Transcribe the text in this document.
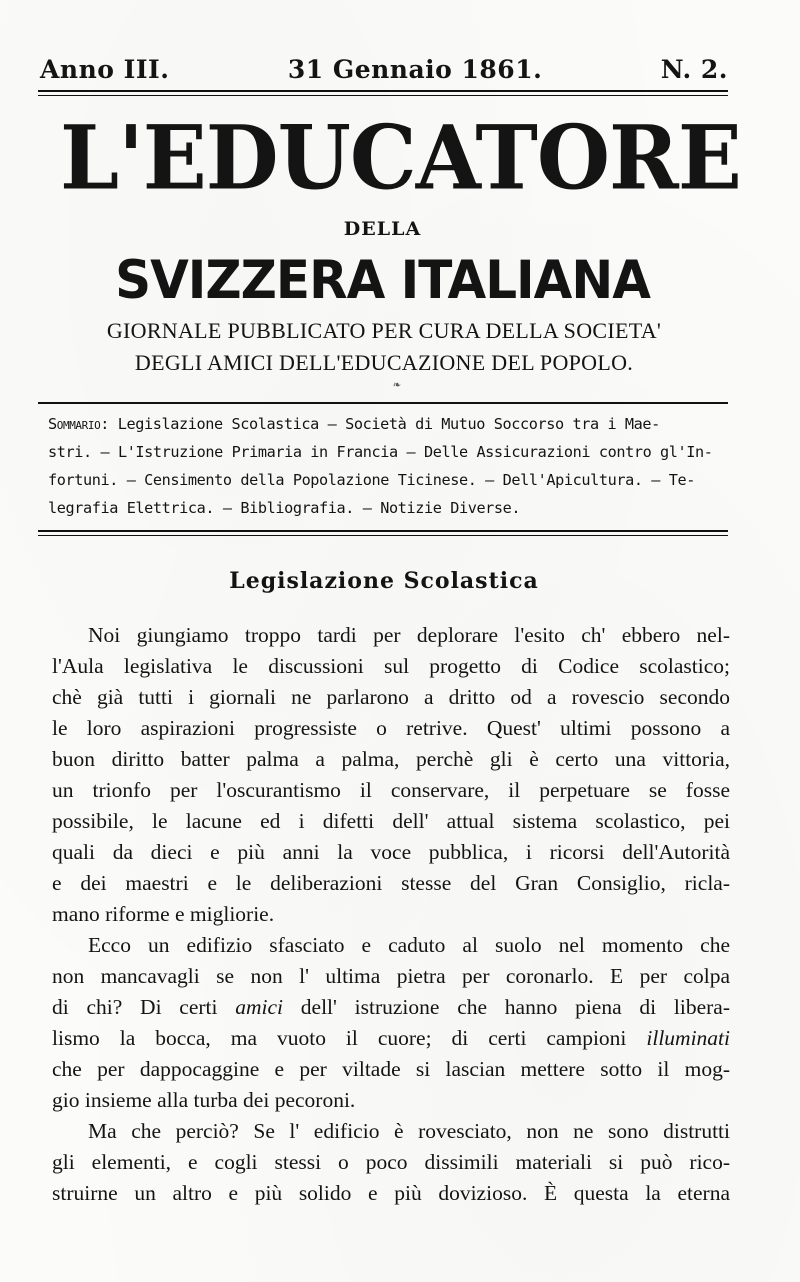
Anno III.	31 Gennaio 1861.	N. 2.
L'EDUCATORE
DELLA
SVIZZERA ITALIANA
GIORNALE PUBBLICATO PER CURA DELLA SOCIETA'
DEGLI AMICI DELL'EDUCAZIONE DEL POPOLO.
❧
Sommario: Legislazione Scolastica — Società di Mutuo Soccorso tra i Mae-
stri. — L'Istruzione Primaria in Francia — Delle Assicurazioni contro gl'In-
fortuni. — Censimento della Popolazione Ticinese. — Dell'Apicultura. — Te-
legrafia Elettrica. — Bibliografia. — Notizie Diverse.
Legislazione Scolastica
Noi giungiamo troppo tardi per deplorare l'esito ch' ebbero nel-
l'Aula legislativa le discussioni sul progetto di Codice scolastico;
chè già tutti i giornali ne parlarono a dritto od a rovescio secondo
le loro aspirazioni progressiste o retrive. Quest' ultimi possono a
buon diritto batter palma a palma, perchè gli è certo una vittoria,
un trionfo per l'oscurantismo il conservare, il perpetuare se fosse
possibile, le lacune ed i difetti dell' attual sistema scolastico, pei
quali da dieci e più anni la voce pubblica, i ricorsi dell'Autorità
e dei maestri e le deliberazioni stesse del Gran Consiglio, ricla-
mano riforme e migliorie.
Ecco un edifizio sfasciato e caduto al suolo nel momento che
non mancavagli se non l' ultima pietra per coronarlo. E per colpa
di chi? Di certi amici dell' istruzione che hanno piena di libera-
lismo la bocca, ma vuoto il cuore; di certi campioni illuminati
che per dappocaggine e per viltade si lascian mettere sotto il mog-
gio insieme alla turba dei pecoroni.
Ma che perciò? Se l' edificio è rovesciato, non ne sono distrutti
gli elementi, e cogli stessi o poco dissimili materiali si può rico-
struirne un altro e più solido e più dovizioso. È questa la eterna
